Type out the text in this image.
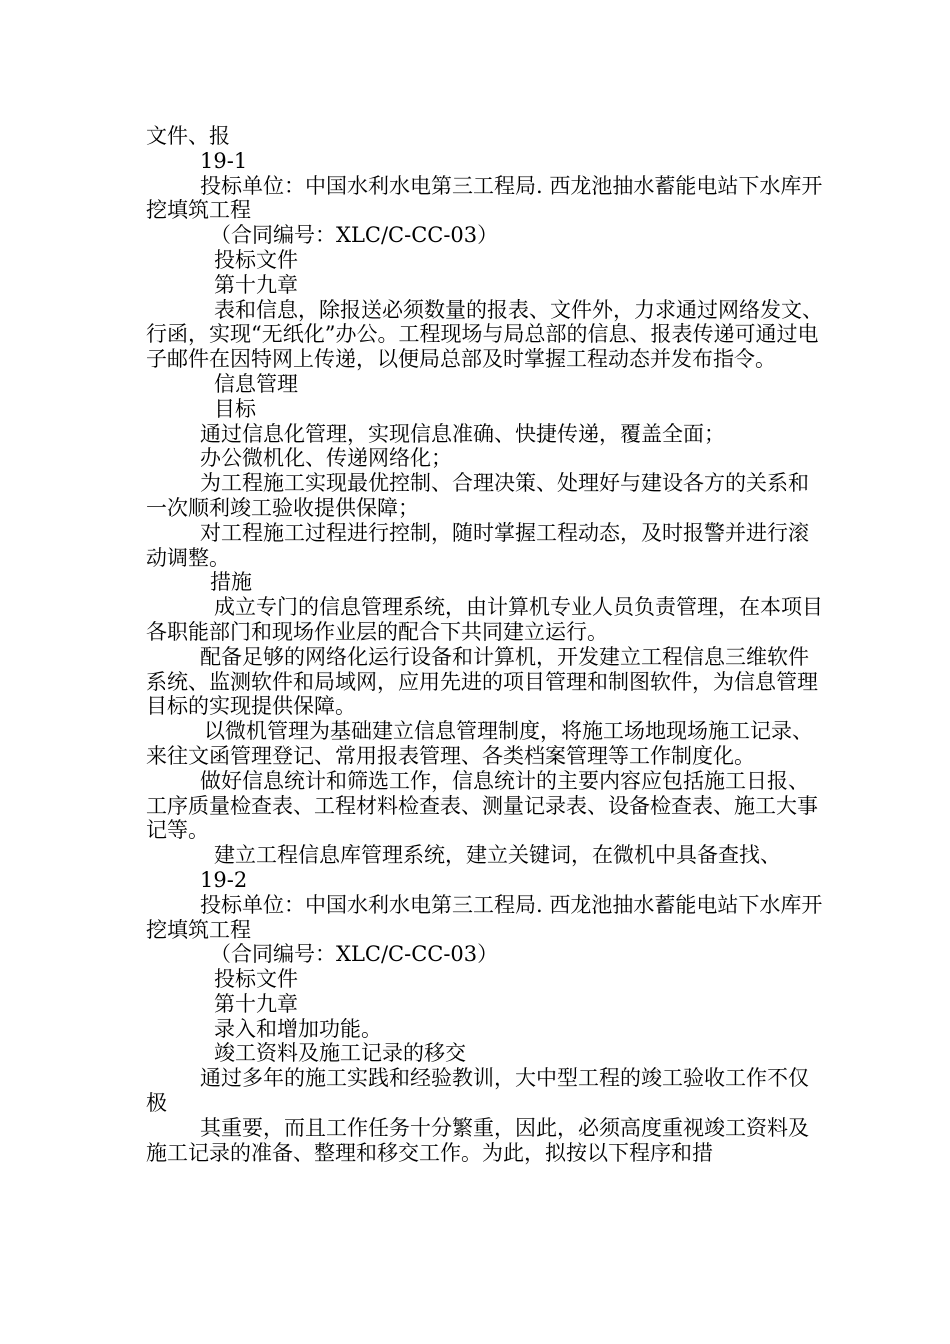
文件、报

19-1

投标单位：中国水利水电第三工程局. 西龙池抽水蓄能电站下水库开挖填筑工程

（合同编号：XLC/C-CC-03）

投标文件

第十九章

表和信息，除报送必须数量的报表、文件外，力求通过网络发文、行函，实现“无纸化”办公。工程现场与局总部的信息、报表传递可通过电子邮件在因特网上传递，以便局总部及时掌握工程动态并发布指令。

信息管理

目标

通过信息化管理，实现信息准确、快捷传递，覆盖全面；

办公微机化、传递网络化；

为工程施工实现最优控制、合理决策、处理好与建设各方的关系和一次顺利竣工验收提供保障；

对工程施工过程进行控制，随时掌握工程动态，及时报警并进行滚动调整。

措施

成立专门的信息管理系统，由计算机专业人员负责管理，在本项目各职能部门和现场作业层的配合下共同建立运行。

配备足够的网络化运行设备和计算机，开发建立工程信息三维软件系统、监测软件和局域网，应用先进的项目管理和制图软件，为信息管理目标的实现提供保障。

以微机管理为基础建立信息管理制度，将施工场地现场施工记录、来往文函管理登记、常用报表管理、各类档案管理等工作制度化。

做好信息统计和筛选工作，信息统计的主要内容应包括施工日报、工序质量检查表、工程材料检查表、测量记录表、设备检查表、施工大事记等。

建立工程信息库管理系统，建立关键词，在微机中具备查找、

19-2

投标单位：中国水利水电第三工程局. 西龙池抽水蓄能电站下水库开挖填筑工程

（合同编号：XLC/C-CC-03）

投标文件

第十九章

录入和增加功能。

竣工资料及施工记录的移交

通过多年的施工实践和经验教训，大中型工程的竣工验收工作不仅极

其重要，而且工作任务十分繁重，因此，必须高度重视竣工资料及施工记录的准备、整理和移交工作。为此，拟按以下程序和措
